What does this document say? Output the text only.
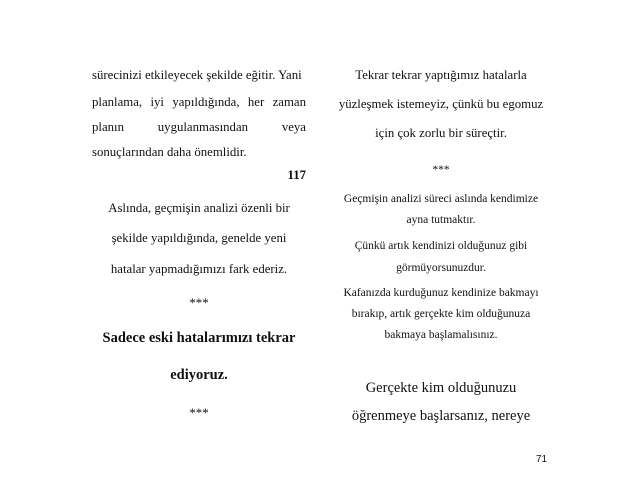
sürecinizi etkileyecek şekilde eğitir. Yani
planlama, iyi yapıldığında, her zaman
planın	uygulanmasından	veya
sonuçlarından daha önemlidir.
117
Aslında, geçmişin analizi özenli bir
şekilde yapıldığında, genelde yeni
hatalar yapmadığımızı fark ederiz.
***
Sadece eski hatalarımızı tekrar
ediyoruz.
***
Tekrar tekrar yaptığımız hatalarla
yüzleşmek istemeyiz, çünkü bu egomuz
için çok zorlu bir süreçtir.
***
Geçmişin analizi süreci aslında kendimize
ayna tutmaktır.
Çünkü artık kendinizi olduğunuz gibi
görmüyorsunuzdur.
Kafanızda kurduğunuz kendinize bakmayı
bırakıp, artık gerçekte kim olduğunuza
bakmaya başlamalısınız.
Gerçekte kim olduğunuzu
öğrenmeye başlarsanız, nereye
71
